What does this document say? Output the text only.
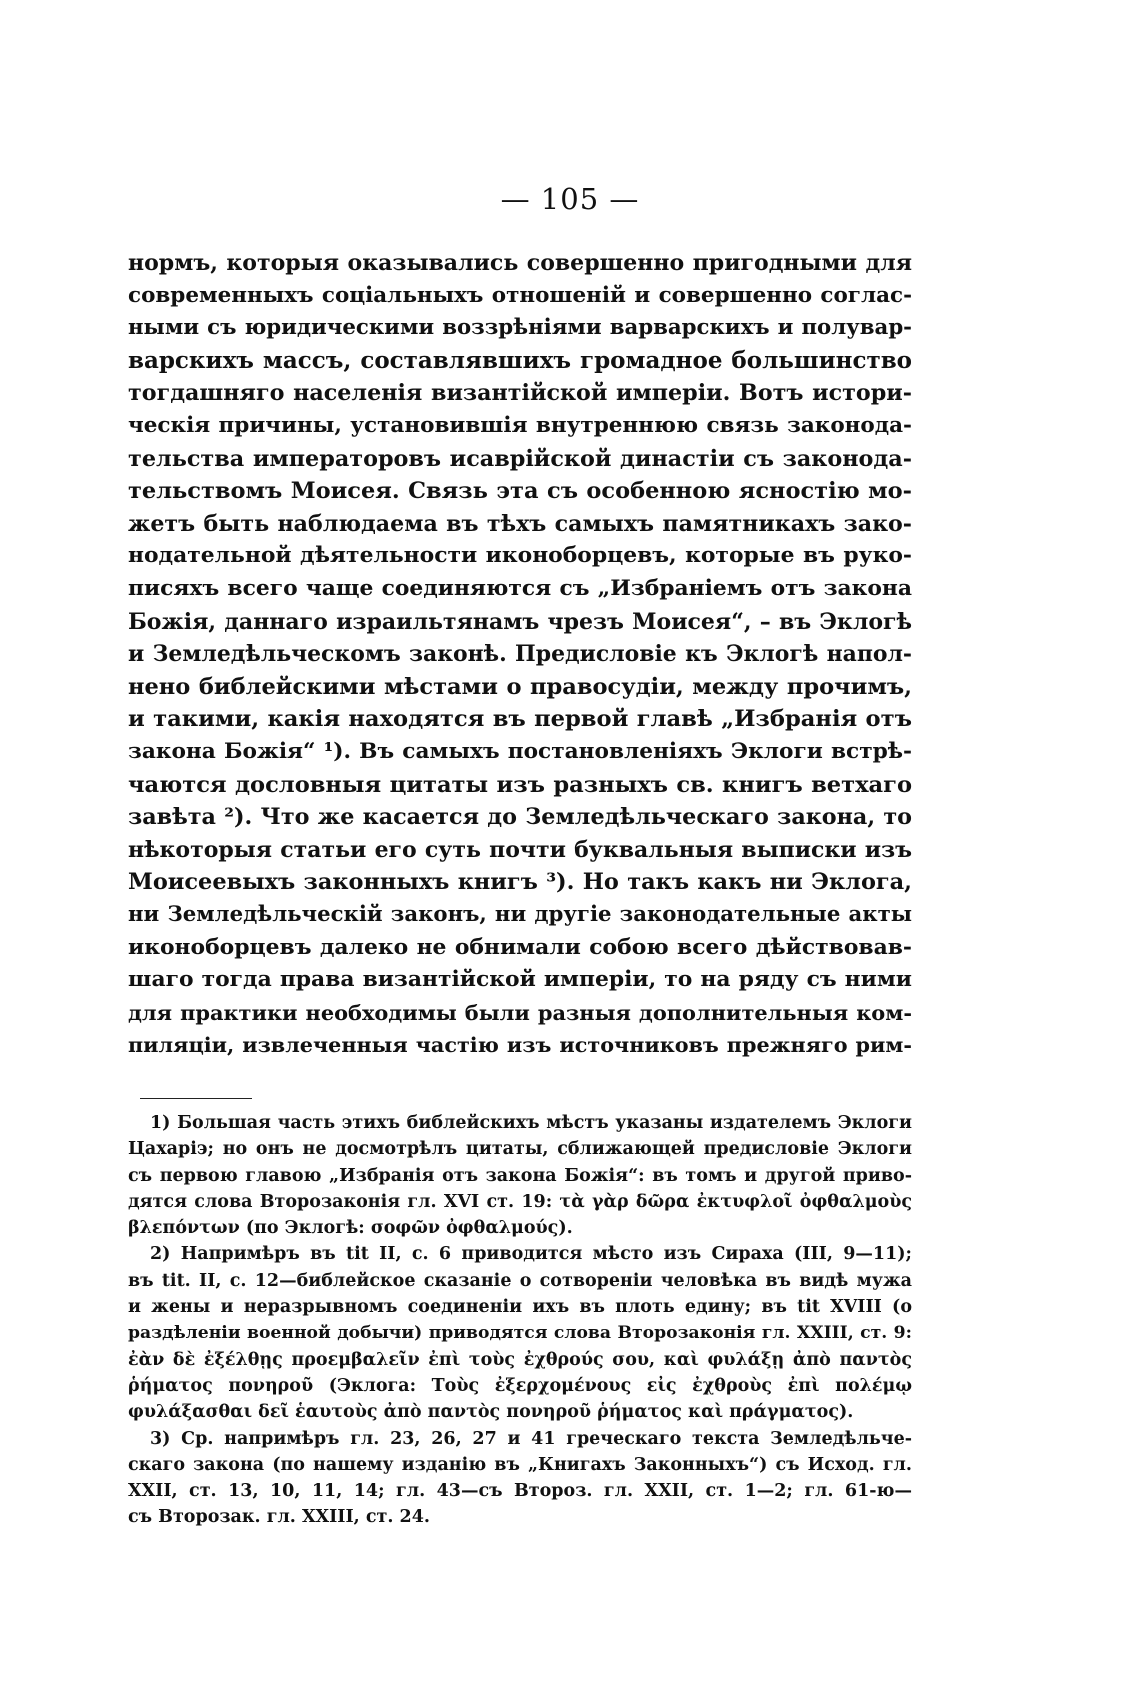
— 105 —
нормъ, которыя оказывались совершенно пригодными для
современныхъ соціальныхъ отношеній и совершенно соглас-
ными съ юридическими воззрѣніями варварскихъ и полувар-
варскихъ массъ, составлявшихъ громадное большинство
тогдашняго населенія византійской имперіи. Вотъ истори-
ческія причины, установившія внутреннюю связь законода-
тельства императоровъ исаврійской династіи съ законода-
тельствомъ Моисея. Связь эта съ особенною ясностію мо-
жетъ быть наблюдаема въ тѣхъ самыхъ памятникахъ зако-
нодательной дѣятельности иконоборцевъ, которые въ руко-
писяхъ всего чаще соединяются съ „Избраніемъ отъ закона
Божія, даннаго израильтянамъ чрезъ Моисея“, – въ Эклогѣ
и Земледѣльческомъ законѣ. Предисловіе къ Эклогѣ напол-
нено библейскими мѣстами о правосудіи, между прочимъ,
и такими, какія находятся въ первой главѣ „Избранія отъ
закона Божія“ ¹). Въ самыхъ постановленіяхъ Эклоги встрѣ-
чаются дословныя цитаты изъ разныхъ св. книгъ ветхаго
завѣта ²). Что же касается до Земледѣльческаго закона, то
нѣкоторыя статьи его суть почти буквальныя выписки изъ
Моисеевыхъ законныхъ книгъ ³). Но такъ какъ ни Эклога,
ни Земледѣльческій законъ, ни другіе законодательные акты
иконоборцевъ далеко не обнимали собою всего дѣйствовав-
шаго тогда права византійской имперіи, то на ряду съ ними
для практики необходимы были разныя дополнительныя ком-
пиляціи, извлеченныя частію изъ источниковъ прежняго рим-
1) Большая часть этихъ библейскихъ мѣстъ указаны издателемъ Эклоги
Цахаріэ; но онъ не досмотрѣлъ цитаты, сближающей предисловіе Эклоги
съ первою главою „Избранія отъ закона Божія“: въ томъ и другой приво-
дятся слова Второзаконія гл. XVI ст. 19: τὰ γὰρ δῶρα ἐκτυφλοῖ ὀφθαλμοὺς
βλεπόντων (по Эклогѣ: σοφῶν ὀφθαλμούς).
2) Напримѣръ въ tit II, с. 6 приводится мѣсто изъ Сираха (III, 9—11);
въ tit. II, с. 12—библейское сказаніе о сотвореніи человѣка въ видѣ мужа
и жены и неразрывномъ соединеніи ихъ въ плоть едину; въ tit XVIII (о
раздѣленіи военной добычи) приводятся слова Второзаконія гл. XXIII, ст. 9:
ἐὰν δὲ ἐξέλθῃς προεμβαλεῖν ἐπὶ τοὺς ἐχθρούς σου, καὶ φυλάξῃ ἀπὸ παντὸς
ῥήματος πονηροῦ (Эклога: Τοὺς ἐξερχομένους εἰς ἐχθροὺς ἐπὶ πολέμῳ
φυλάξασθαι δεῖ ἑαυτοὺς ἀπὸ παντὸς πονηροῦ ῥήματος καὶ πράγματος).
3) Ср. напримѣръ гл. 23, 26, 27 и 41 греческаго текста Земледѣльче-
скаго закона (по нашему изданію въ „Книгахъ Законныхъ“) съ Исход. гл.
XXII, ст. 13, 10, 11, 14; гл. 43—съ Второз. гл. XXII, ст. 1—2; гл. 61-ю—
съ Второзак. гл. XXIII, ст. 24.
